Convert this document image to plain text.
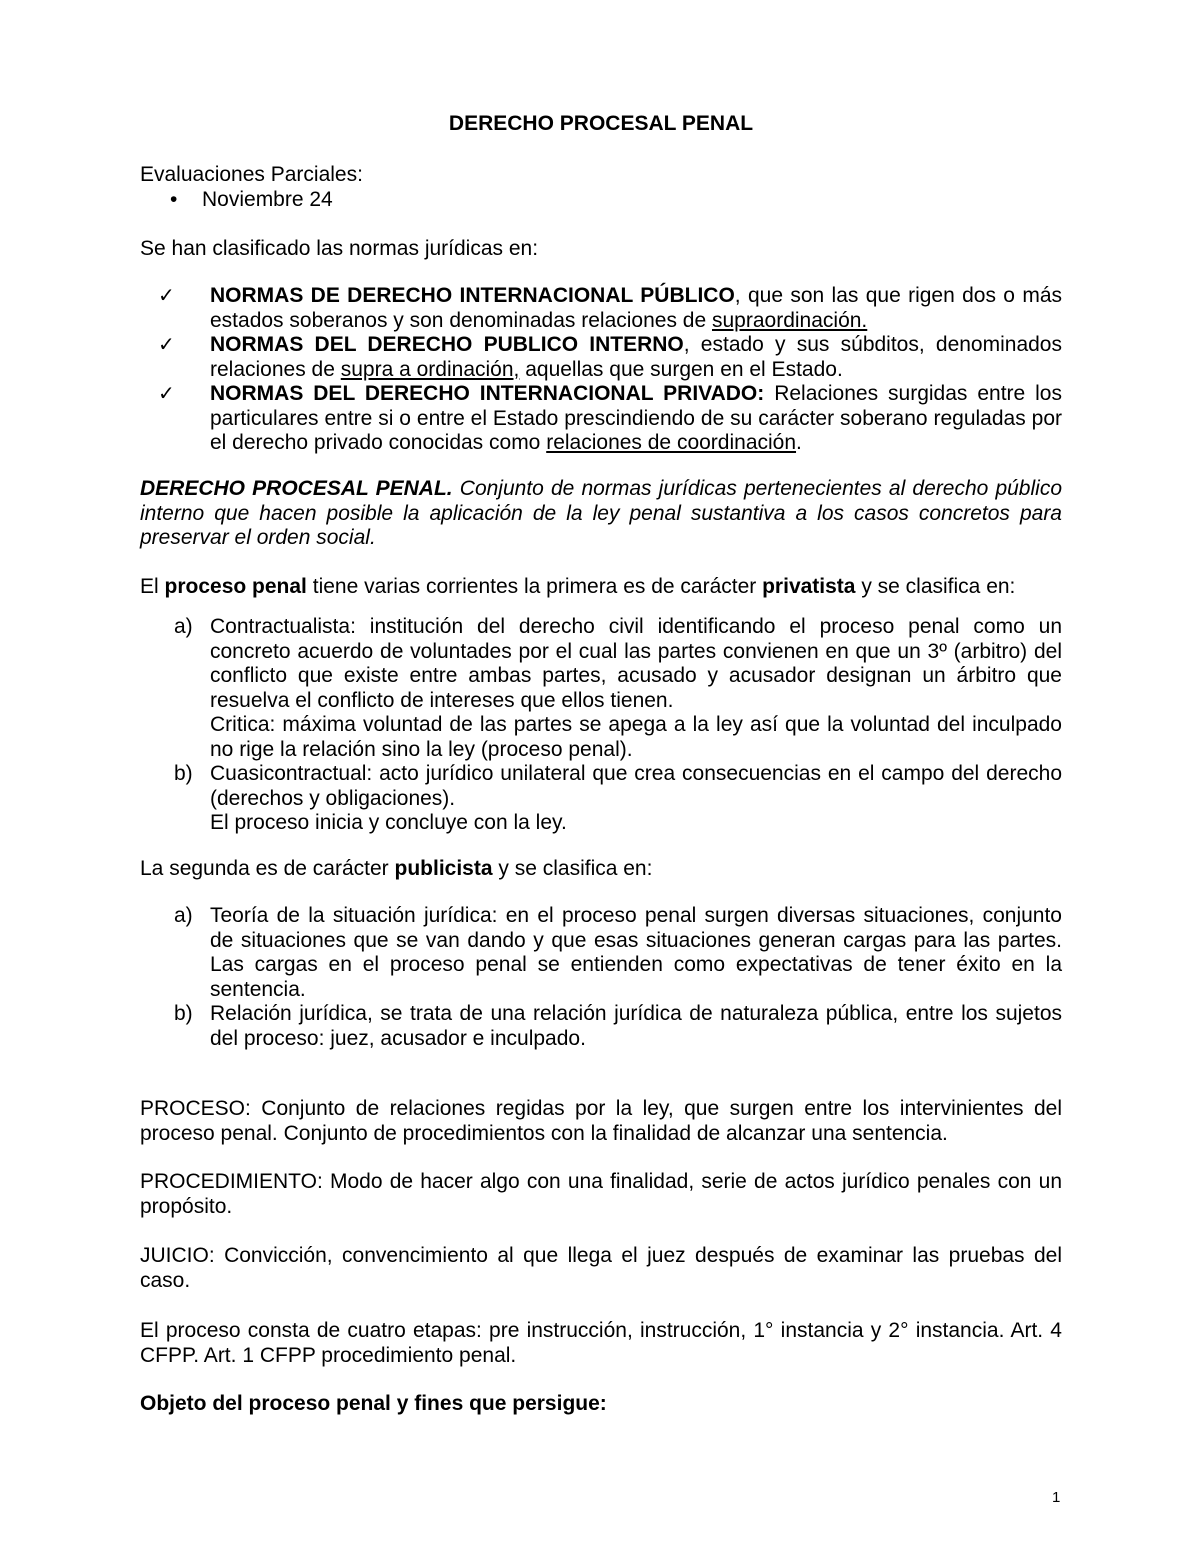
DERECHO PROCESAL PENAL

Evaluaciones Parciales:

• Noviembre 24

Se han clasificado las normas jurídicas en:

✓ NORMAS DE DERECHO INTERNACIONAL PÚBLICO, que son las que rigen dos o más estados soberanos y son denominadas relaciones de supraordinación.
✓ NORMAS DEL DERECHO PUBLICO INTERNO, estado y sus súbditos, denominados relaciones de supra a ordinación, aquellas que surgen en el Estado.
✓ NORMAS DEL DERECHO INTERNACIONAL PRIVADO: Relaciones surgidas entre los particulares entre si o entre el Estado prescindiendo de su carácter soberano reguladas por el derecho privado conocidas como relaciones de coordinación.

DERECHO PROCESAL PENAL. Conjunto de normas jurídicas pertenecientes al derecho público interno que hacen posible la aplicación de la ley penal sustantiva a los casos concretos para preservar el orden social.

El proceso penal tiene varias corrientes la primera es de carácter privatista y se clasifica en:

a) Contractualista: institución del derecho civil identificando el proceso penal como un concreto acuerdo de voluntades por el cual las partes convienen en que un 3º (arbitro) del conflicto que existe entre ambas partes, acusado y acusador designan un árbitro que resuelva el conflicto de intereses que ellos tienen.
Critica: máxima voluntad de las partes se apega a la ley así que la voluntad del inculpado no rige la relación sino la ley (proceso penal).
b) Cuasicontractual: acto jurídico unilateral que crea consecuencias en el campo del derecho (derechos y obligaciones).
El proceso inicia y concluye con la ley.

La segunda es de carácter publicista y se clasifica en:

a) Teoría de la situación jurídica: en el proceso penal surgen diversas situaciones, conjunto de situaciones que se van dando y que esas situaciones generan cargas para las partes. Las cargas en el proceso penal se entienden como expectativas de tener éxito en la sentencia.
b) Relación jurídica, se trata de una relación jurídica de naturaleza pública, entre los sujetos del proceso: juez, acusador e inculpado.

PROCESO: Conjunto de relaciones regidas por la ley, que surgen entre los intervinientes del proceso penal. Conjunto de procedimientos con la finalidad de alcanzar una sentencia.

PROCEDIMIENTO: Modo de hacer algo con una finalidad, serie de actos jurídico penales con un propósito.

JUICIO: Convicción, convencimiento al que llega el juez después de examinar las pruebas del caso.

El proceso consta de cuatro etapas: pre instrucción, instrucción, 1° instancia y 2° instancia. Art. 4 CFPP. Art. 1 CFPP procedimiento penal.

Objeto del proceso penal y fines que persigue:

1
